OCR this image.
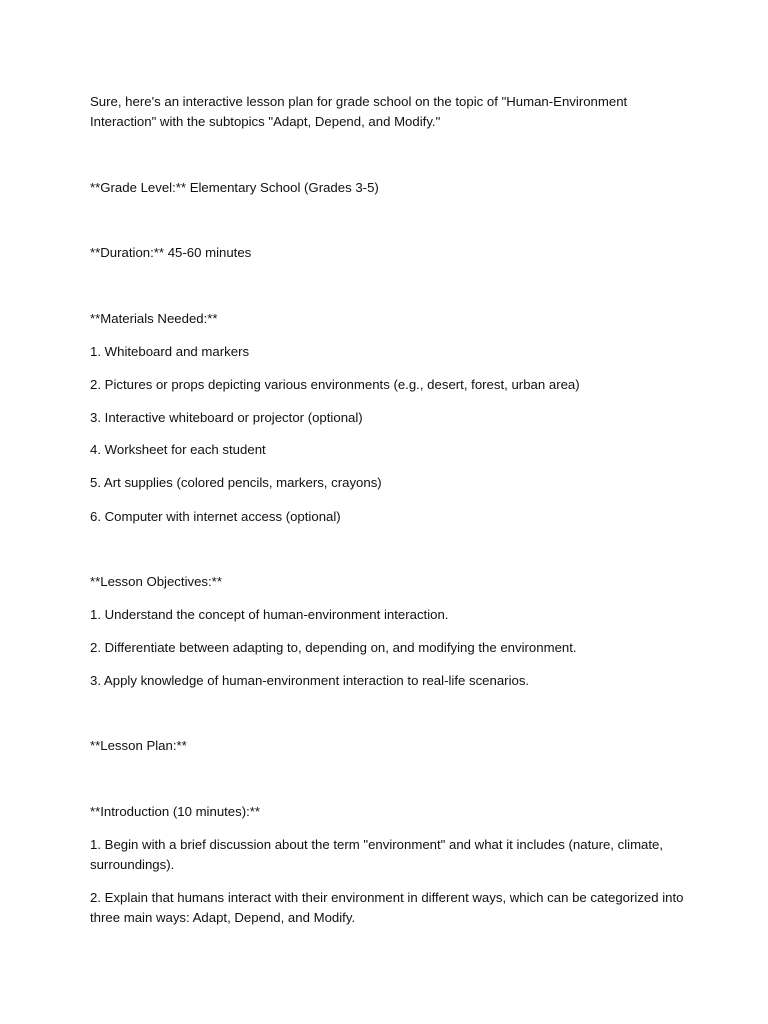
Sure, here's an interactive lesson plan for grade school on the topic of "Human-Environment Interaction" with the subtopics "Adapt, Depend, and Modify."

**Grade Level:** Elementary School (Grades 3-5)

**Duration:** 45-60 minutes

**Materials Needed:**

1. Whiteboard and markers

2. Pictures or props depicting various environments (e.g., desert, forest, urban area)

3. Interactive whiteboard or projector (optional)

4. Worksheet for each student

5. Art supplies (colored pencils, markers, crayons)

6. Computer with internet access (optional)

**Lesson Objectives:**

1. Understand the concept of human-environment interaction.

2. Differentiate between adapting to, depending on, and modifying the environment.

3. Apply knowledge of human-environment interaction to real-life scenarios.

**Lesson Plan:**

**Introduction (10 minutes):**

1. Begin with a brief discussion about the term "environment" and what it includes (nature, climate, surroundings).

2. Explain that humans interact with their environment in different ways, which can be categorized into three main ways: Adapt, Depend, and Modify.
